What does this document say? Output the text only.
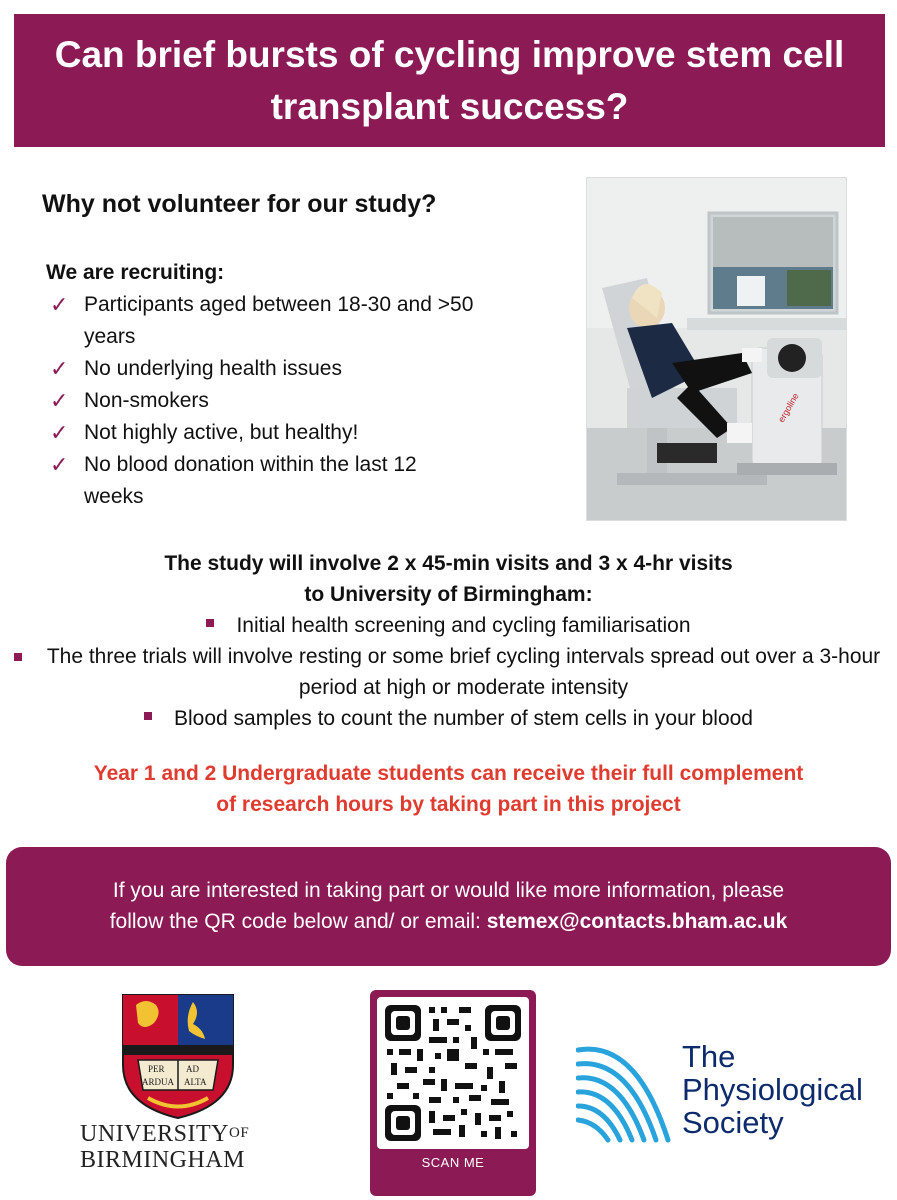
Can brief bursts of cycling improve stem cell transplant success?
Why not volunteer for our study?
We are recruiting:
✓ Participants aged between 18-30 and >50 years
✓ No underlying health issues
✓ Non-smokers
✓ Not highly active, but healthy!
✓ No blood donation within the last 12 weeks
ergoline
The study will involve 2 x 45-min visits and 3 x 4-hr visits
to University of Birmingham:
Initial health screening and cycling familiarisation
The three trials will involve resting or some brief cycling intervals spread out over a 3-hour period at high or moderate intensity
Blood samples to count the number of stem cells in your blood
Year 1 and 2 Undergraduate students can receive their full complement
of research hours by taking part in this project
If you are interested in taking part or would like more information, please
follow the QR code below and/ or email: stemex@contacts.bham.ac.uk
PER AD
ARDUA ALTA
UNIVERSITYOF
BIRMINGHAM	SCAN ME
The
Physiological
Society
